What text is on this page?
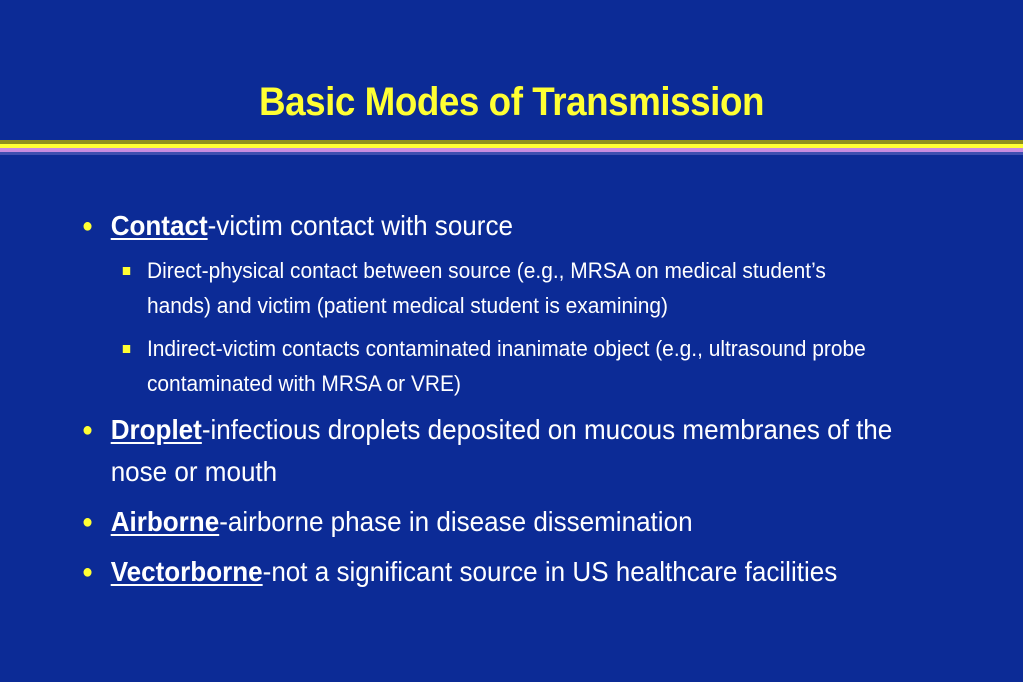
Basic Modes of Transmission
● Contact-victim contact with source
Direct-physical contact between source (e.g., MRSA on medical student’s hands) and victim (patient medical student is examining)
Indirect-victim contacts contaminated inanimate object (e.g., ultrasound probe contaminated with MRSA or VRE)
● Droplet-infectious droplets deposited on mucous membranes of the nose or mouth
● Airborne-airborne phase in disease dissemination
● Vectorborne-not a significant source in US healthcare facilities
